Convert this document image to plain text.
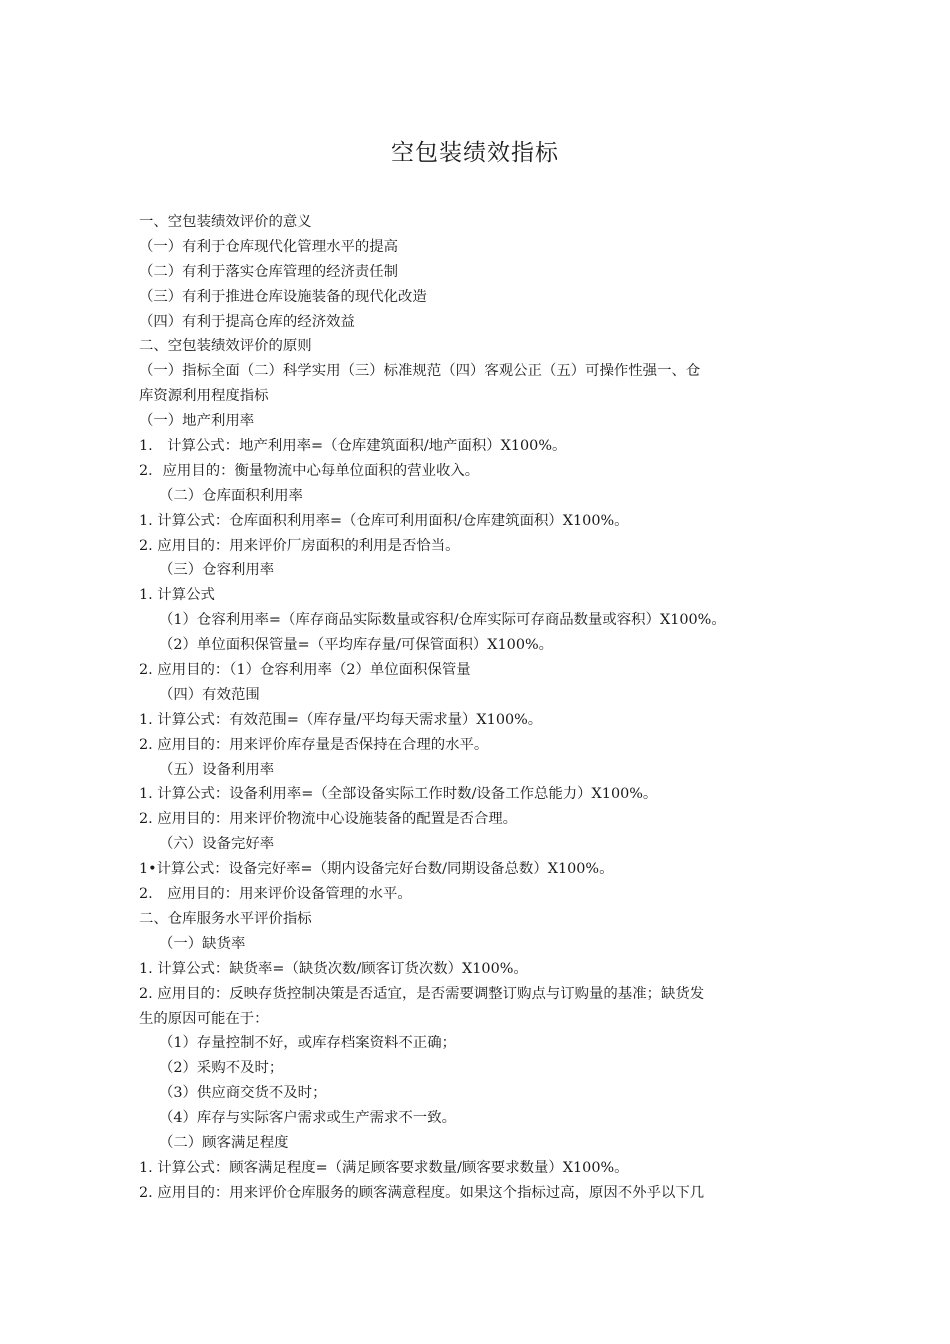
空包装绩效指标
一、空包装绩效评价的意义
（一）有利于仓库现代化管理水平的提高
（二）有利于落实仓库管理的经济责任制
（三）有利于推进仓库设施装备的现代化改造
（四）有利于提高仓库的经济效益
二、空包装绩效评价的原则
（一）指标全面（二）科学实用（三）标准规范（四）客观公正（五）可操作性强一、仓
库资源利用程度指标
（一）地产利用率
1.　计算公式：地产利用率=（仓库建筑面积/地产面积）X100%。
2．应用目的：衡量物流中心每单位面积的营业收入。
（二）仓库面积利用率
1. 计算公式：仓库面积利用率=（仓库可利用面积/仓库建筑面积）X100%。
2. 应用目的：用来评价厂房面积的利用是否恰当。
（三）仓容利用率
1. 计算公式
（1）仓容利用率=（库存商品实际数量或容积/仓库实际可存商品数量或容积）X100%。
（2）单位面积保管量=（平均库存量/可保管面积）X100%。
2. 应用目的：（1）仓容利用率（2）单位面积保管量
（四）有效范围
1. 计算公式：有效范围=（库存量/平均每天需求量）X100%。
2. 应用目的：用来评价库存量是否保持在合理的水平。
（五）设备利用率
1. 计算公式：设备利用率=（全部设备实际工作时数/设备工作总能力）X100%。
2. 应用目的：用来评价物流中心设施装备的配置是否合理。
（六）设备完好率
1•计算公式：设备完好率=（期内设备完好台数/同期设备总数）X100%。
2.　应用目的：用来评价设备管理的水平。
二、仓库服务水平评价指标
（一）缺货率
1. 计算公式：缺货率=（缺货次数/顾客订货次数）X100%。
2. 应用目的：反映存货控制决策是否适宜，是否需要调整订购点与订购量的基准；缺货发
生的原因可能在于：
（1）存量控制不好，或库存档案资料不正确；
（2）采购不及时；
（3）供应商交货不及时；
（4）库存与实际客户需求或生产需求不一致。
（二）顾客满足程度
1. 计算公式：顾客满足程度=（满足顾客要求数量/顾客要求数量）X100%。
2. 应用目的：用来评价仓库服务的顾客满意程度。如果这个指标过高，原因不外乎以下几
